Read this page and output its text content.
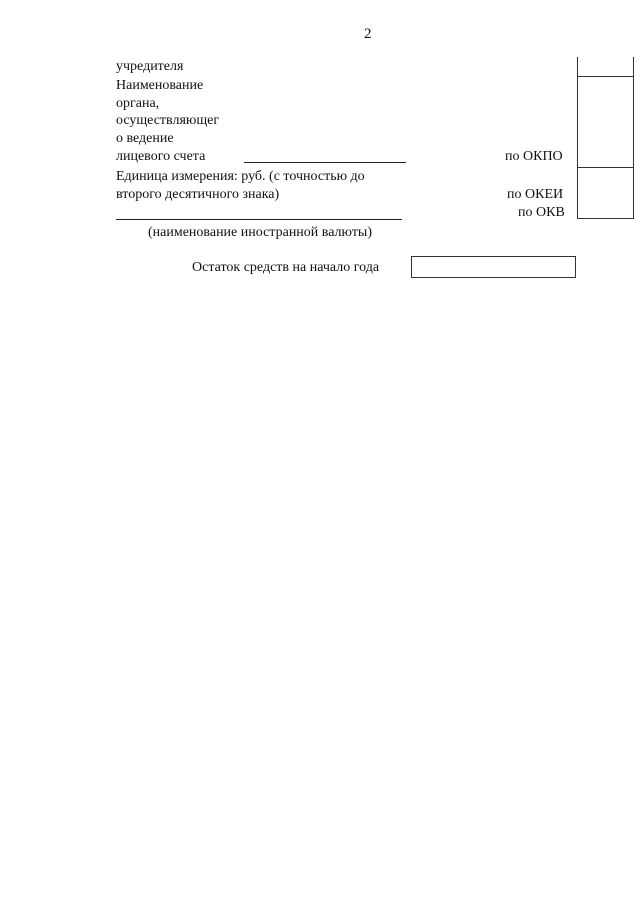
2
учредителя
Наименование
органа,
осуществляющег
о ведение
лицевого счета	по ОКПО
Единица измерения: руб. (с точностью до
второго десятичного знака)	по ОКЕИ
по ОКВ
(наименование иностранной валюты)
Остаток средств на начало года
